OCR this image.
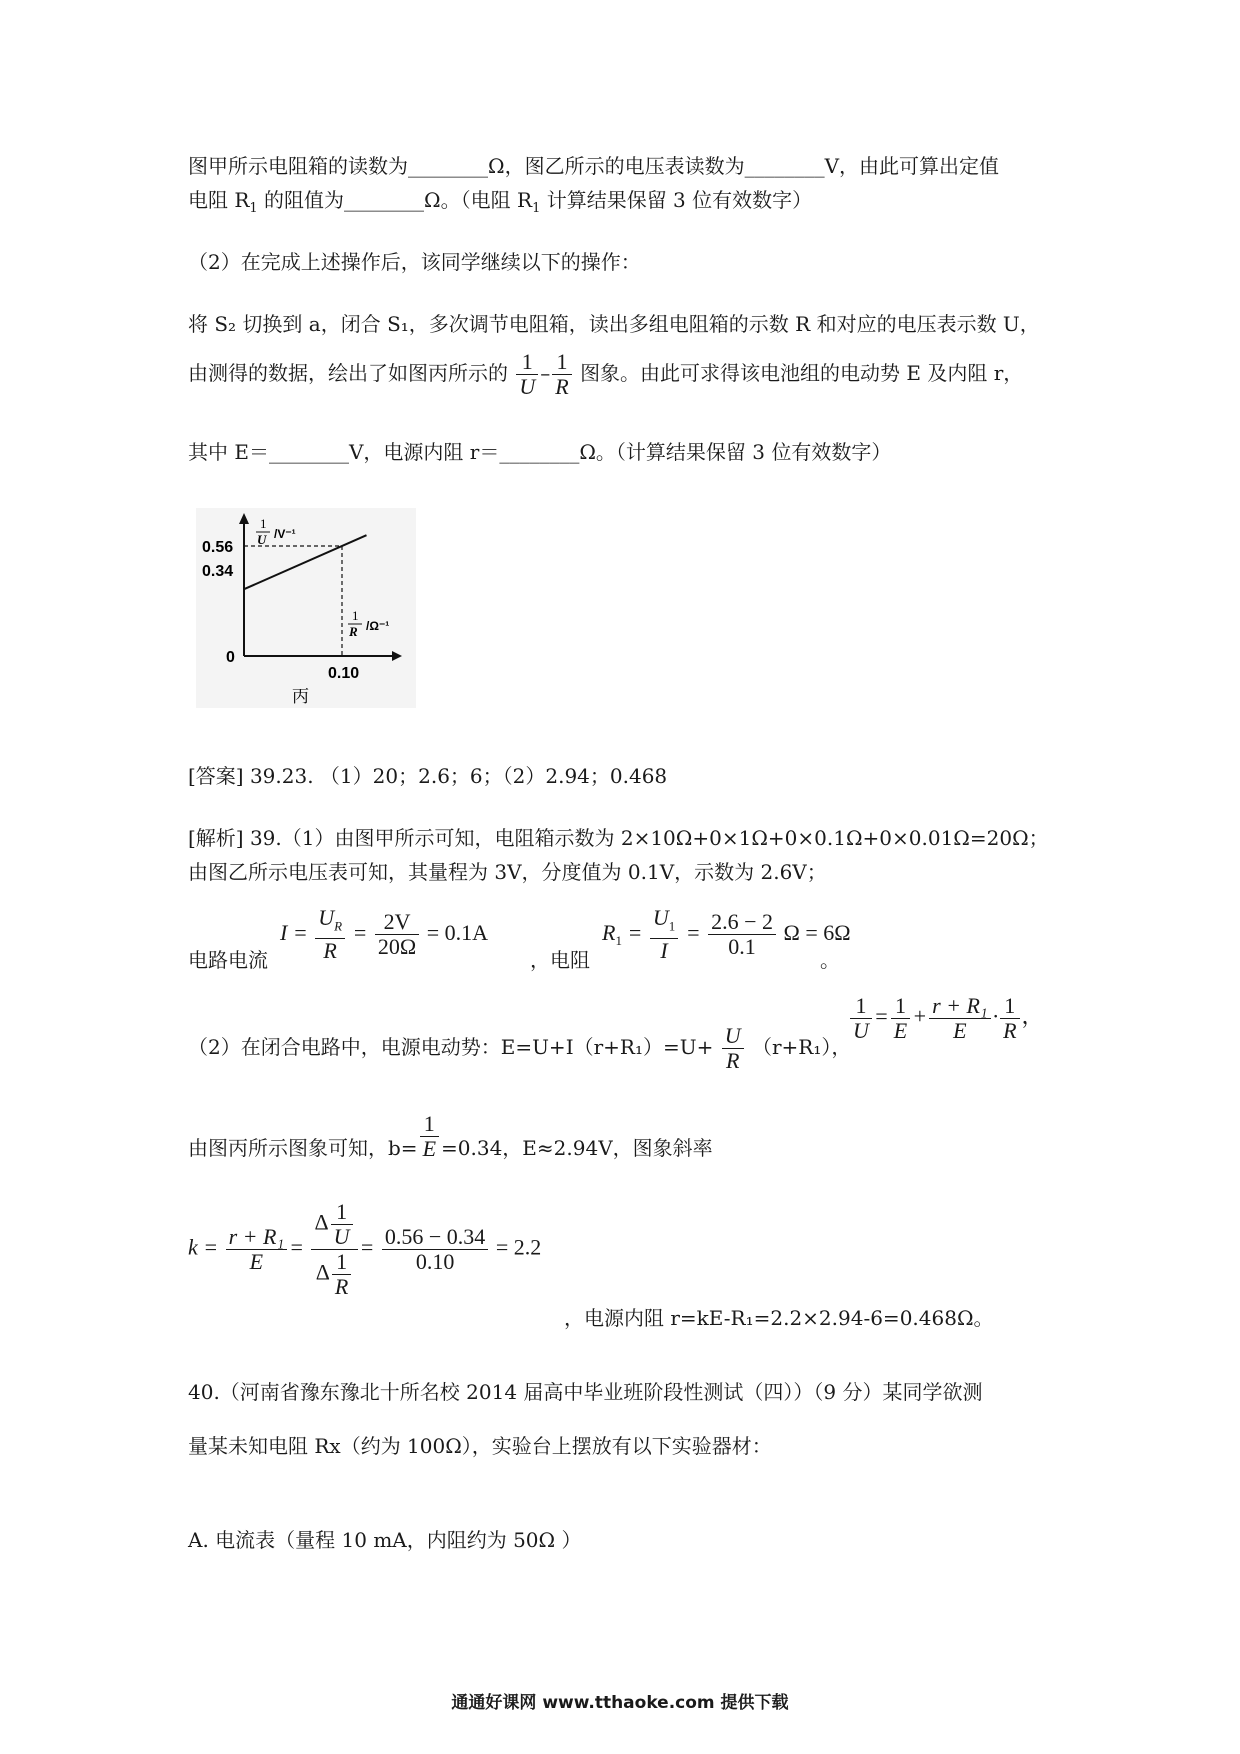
图甲所示电阻箱的读数为________Ω，图乙所示的电压表读数为________V，由此可算出定值
电阻 $R_1$ 的阻值为________Ω。（电阻 $R_1$ 计算结果保留 3 位有效数字）
（2）在完成上述操作后，该同学继续以下的操作：
将 S₂ 切换到 a，闭合 S₁，多次调节电阻箱，读出多组电阻箱的示数 R 和对应的电压表示数 U，
由测得的数据，绘出了如图丙所示的 $\frac{1}{U} - \frac{1}{R}$ 图象。由此可求得该电池组的电动势 E 及内阻 r，
其中 E＝________V，电源内阻 r＝________Ω。（计算结果保留 3 位有效数字）
0.56
0.34
0
0.10
1
U /V⁻¹
1
R /Ω⁻¹
丙
[答案] 39.23. （1）20；2.6；6；（2）2.94；0.468
[解析] 39.（1）由图甲所示可知，电阻箱示数为 2×10Ω+0×1Ω+0×0.1Ω+0×0.01Ω=20Ω；
由图乙所示电压表可知，其量程为 3V，分度值为 0.1V，示数为 2.6V；
电路电流
$I = \frac{U_R}{R} = \frac{2V}{20\Omega} = 0.1A$
，电阻
$R_1 = \frac{U_1}{I} = \frac{2.6 - 2}{0.1}$ Ω = 6Ω
。
（2）在闭合电路中，电源电动势：$E=U+I(r+R_1)=U+ \frac{U}{R} (r+R_1)$，
$\frac{1}{U} = \frac{1}{E} + \frac{\text{r + R₁}}{E} \cdot \frac{1}{R}$ ，
由图丙所示图象可知，$b= \frac{1}{E} =0.34$，E≈2.94V，图象斜率
$k = \frac{\text{r + R₁}}{E} = \frac{\Delta \frac{1}{U}}{\Delta \frac{1}{R}} = \frac{0.56 - 0.34}{0.10} = 2.2$
，电源内阻 r=kE-R₁=2.2×2.94-6=0.468Ω。
40.（河南省豫东豫北十所名校 2014 届高中毕业班阶段性测试（四））（9 分）某同学欲测
量某未知电阻 Rx（约为 100Ω），实验台上摆放有以下实验器材：
A. 电流表（量程 10 mA，内阻约为 50Ω ）
通通好课网 www.tthaoke.com 提供下载
